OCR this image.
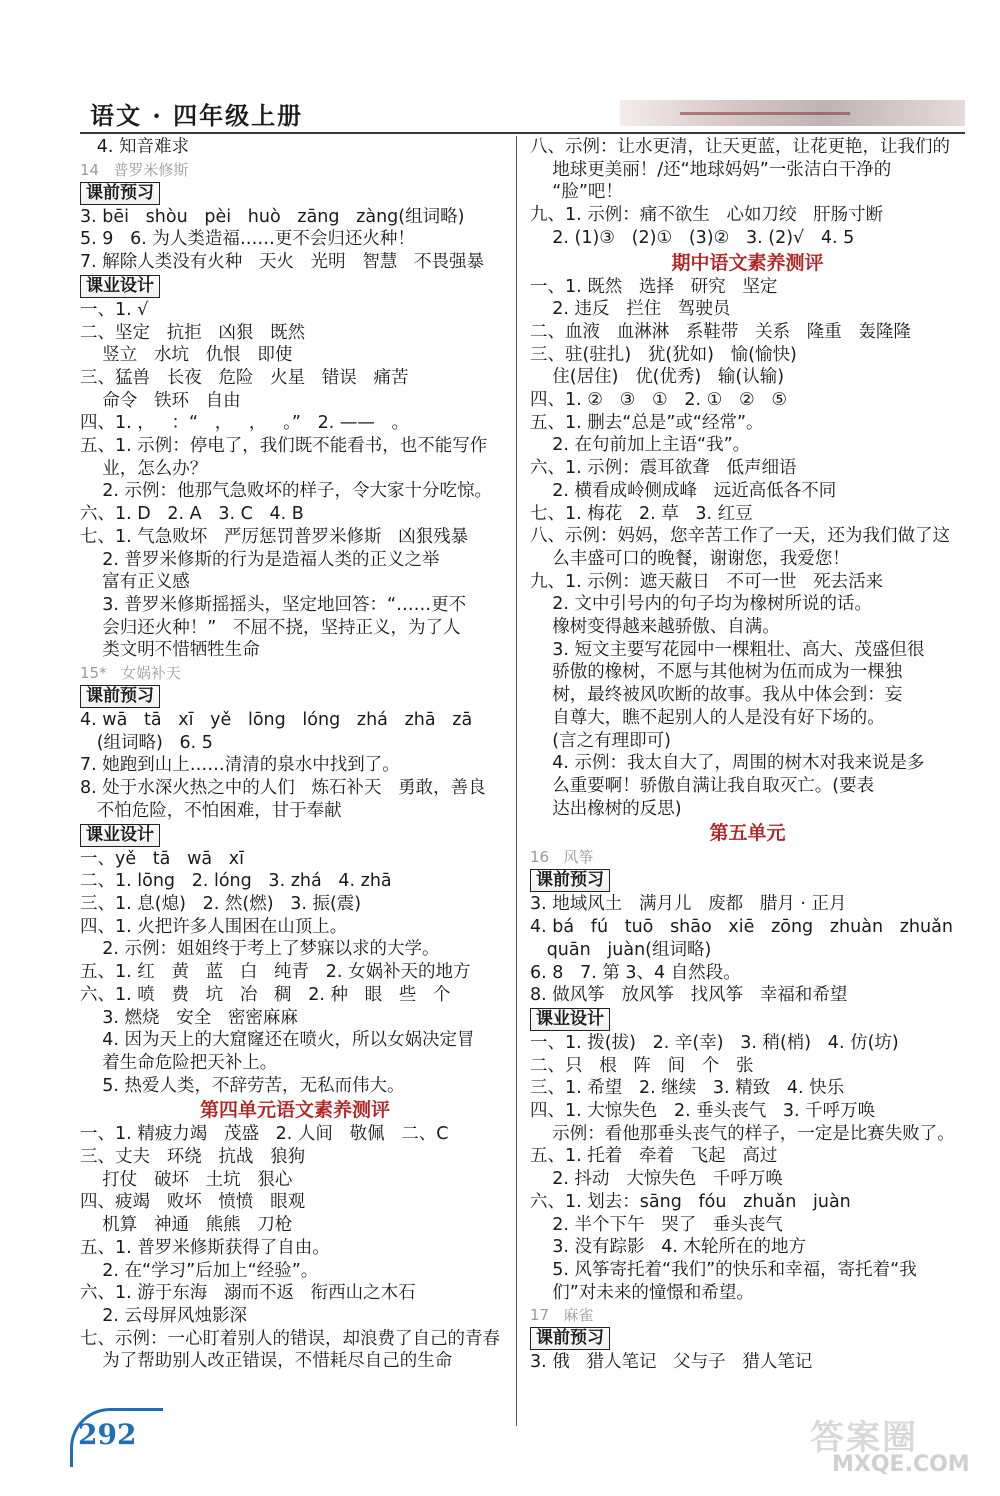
语文 · 四年级上册
4. 知音难求
14   普罗米修斯
课前预习
3. bēi   shòu   pèi   huò   zāng   zàng(组词略)
5. 9   6. 为人类造福……更不会归还火种！
7. 解除人类没有火种   天火   光明   智慧   不畏强暴
课业设计
一、1. √
二、坚定   抗拒   凶狠   既然
竖立   水坑   仇恨   即使
三、猛兽   长夜   危险   火星   错误   痛苦
命令   铁环   自由
四、1. ，   ：“   ，   ，   。”   2. ——   。
五、1. 示例：停电了，我们既不能看书，也不能写作
业，怎么办？
2. 示例：他那气急败坏的样子，令大家十分吃惊。
六、1. D   2. A   3. C   4. B
七、1. 气急败坏   严厉惩罚普罗米修斯   凶狠残暴
2. 普罗米修斯的行为是造福人类的正义之举
富有正义感
3. 普罗米修斯摇摇头，坚定地回答：“……更不
会归还火种！”   不屈不挠，坚持正义，为了人
类文明不惜牺牲生命
15*   女娲补天
课前预习
4. wā   tā   xī   yě   lōng   lóng   zhá   zhā   zā
(组词略)   6. 5
7. 她跑到山上……清清的泉水中找到了。
8. 处于水深火热之中的人们   炼石补天   勇敢，善良
不怕危险，不怕困难，甘于奉献
课业设计
一、yě   tā   wā   xī
二、1. lōng   2. lóng   3. zhá   4. zhā
三、1. 息(熄)   2. 然(燃)   3. 振(震)
四、1. 火把许多人围困在山顶上。
2. 示例：姐姐终于考上了梦寐以求的大学。
五、1. 红   黄   蓝   白   纯青   2. 女娲补天的地方
六、1. 喷   费   坑   冶   稠   2. 种   眼   些   个
3. 燃烧   安全   密密麻麻
4. 因为天上的大窟窿还在喷火，所以女娲决定冒
着生命危险把天补上。
5. 热爱人类，不辞劳苦，无私而伟大。
第四单元语文素养测评
一、1. 精疲力竭   茂盛   2. 人间   敬佩   二、C
三、丈夫   环绕   抗战   狼狗
打仗   破坏   土坑   狠心
四、疲竭   败坏   愤愤   眼观
机算   神通   熊熊   刀枪
五、1. 普罗米修斯获得了自由。
2. 在“学习”后加上“经验”。
六、1. 游于东海   溺而不返   衔西山之木石
2. 云母屏风烛影深
七、示例：一心盯着别人的错误，却浪费了自己的青春
为了帮助别人改正错误，不惜耗尽自己的生命
八、示例：让水更清，让天更蓝，让花更艳，让我们的
地球更美丽！/还“地球妈妈”一张洁白干净的
“脸”吧！
九、1. 示例：痛不欲生   心如刀绞   肝肠寸断
2. (1)③   (2)①   (3)②   3. (2)√   4. 5
期中语文素养测评
一、1. 既然   选择   研究   坚定
2. 违反   拦住   驾驶员
二、血液   血淋淋   系鞋带   关系   隆重   轰隆隆
三、驻(驻扎)   犹(犹如)   愉(愉快)
住(居住)   优(优秀)   输(认输)
四、1. ②   ③   ①   2. ①   ②   ⑤
五、1. 删去“总是”或“经常”。
2. 在句前加上主语“我”。
六、1. 示例：震耳欲聋   低声细语
2. 横看成岭侧成峰   远近高低各不同
七、1. 梅花   2. 草   3. 红豆
八、示例：妈妈，您辛苦工作了一天，还为我们做了这
么丰盛可口的晚餐，谢谢您，我爱您！
九、1. 示例：遮天蔽日   不可一世   死去活来
2. 文中引号内的句子均为橡树所说的话。
橡树变得越来越骄傲、自满。
3. 短文主要写花园中一棵粗壮、高大、茂盛但很
骄傲的橡树，不愿与其他树为伍而成为一棵独
树，最终被风吹断的故事。我从中体会到：妄
自尊大，瞧不起别人的人是没有好下场的。
(言之有理即可)
4. 示例：我太自大了，周围的树木对我来说是多
么重要啊！骄傲自满让我自取灭亡。(要表
达出橡树的反思)
第五单元
16   风筝
课前预习
3. 地域风土   满月儿   废都   腊月 · 正月
4. bá   fú   tuō   shāo   xiē   zōng   zhuàn   zhuǎn
quān   juàn(组词略)
6. 8   7. 第 3、4 自然段。
8. 做风筝   放风筝   找风筝   幸福和希望
课业设计
一、1. 拨(拔)   2. 辛(幸)   3. 稍(梢)   4. 仿(坊)
二、只   根   阵   间   个   张
三、1. 希望   2. 继续   3. 精致   4. 快乐
四、1. 大惊失色   2. 垂头丧气   3. 千呼万唤
示例：看他那垂头丧气的样子，一定是比赛失败了。
五、1. 托着   牵着   飞起   高过
2. 抖动   大惊失色   千呼万唤
六、1. 划去：sāng   fóu   zhuǎn   juàn
2. 半个下午   哭了   垂头丧气
3. 没有踪影   4. 木轮所在的地方
5. 风筝寄托着“我们”的快乐和幸福，寄托着“我
们”对未来的憧憬和希望。
17   麻雀
课前预习
3. 俄   猎人笔记   父与子   猎人笔记
292	答案圈
MXQE.COM
